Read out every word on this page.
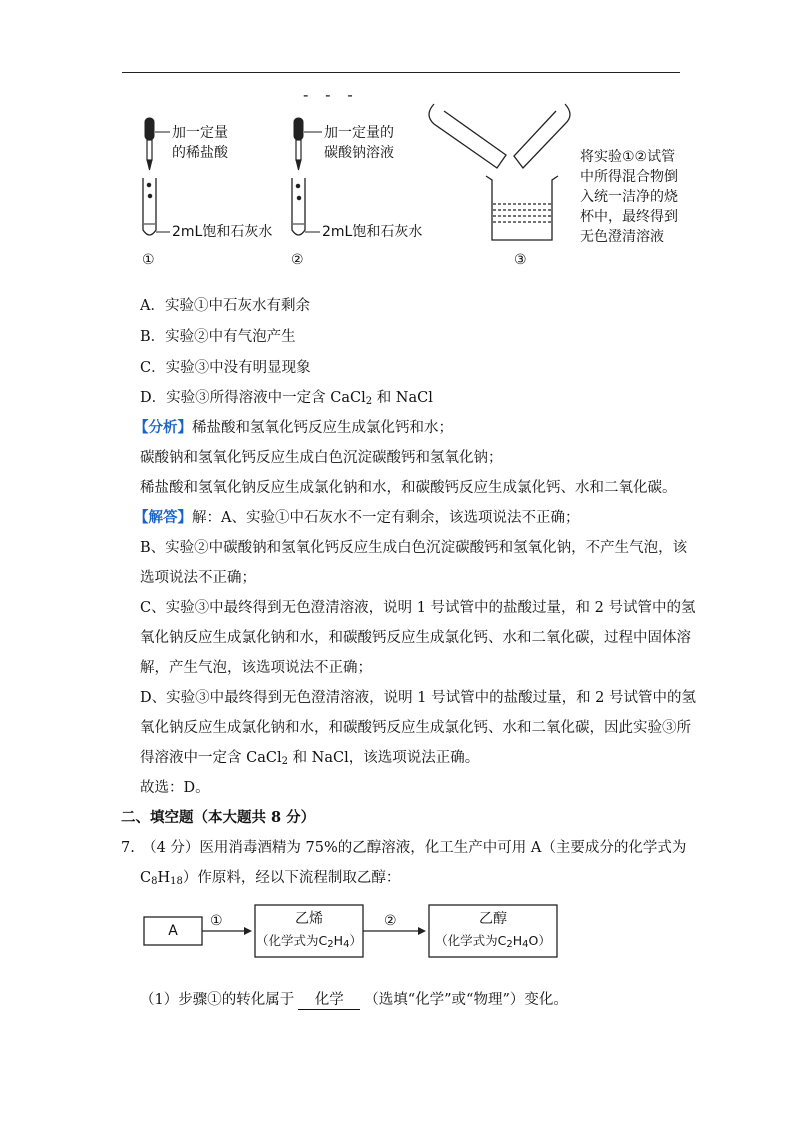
- - -
加一定量
的稀盐酸
2mL饱和石灰水
①
加一定量的
碳酸钠溶液
2mL饱和石灰水
②
将实验①②试管
中所得混合物倒
入统一洁净的烧
杯中，最终得到
无色澄清溶液
③
A．实验①中石灰水有剩余
B．实验②中有气泡产生
C．实验③中没有明显现象
D．实验③所得溶液中一定含 CaCl$_2$ 和 NaCl
【分析】稀盐酸和氢氧化钙反应生成氯化钙和水；
碳酸钠和氢氧化钙反应生成白色沉淀碳酸钙和氢氧化钠；
稀盐酸和氢氧化钠反应生成氯化钠和水，和碳酸钙反应生成氯化钙、水和二氧化碳。
【解答】解：A、实验①中石灰水不一定有剩余，该选项说法不正确；
B、实验②中碳酸钠和氢氧化钙反应生成白色沉淀碳酸钙和氢氧化钠，不产生气泡，该
选项说法不正确；
C、实验③中最终得到无色澄清溶液，说明 1 号试管中的盐酸过量，和 2 号试管中的氢
氧化钠反应生成氯化钠和水，和碳酸钙反应生成氯化钙、水和二氧化碳，过程中固体溶
解，产生气泡，该选项说法不正确；
D、实验③中最终得到无色澄清溶液，说明 1 号试管中的盐酸过量，和 2 号试管中的氢
氧化钠反应生成氯化钠和水，和碳酸钙反应生成氯化钙、水和二氧化碳，因此实验③所
得溶液中一定含 CaCl$_2$ 和 NaCl，该选项说法正确。
故选：D。
二、填空题（本大题共 8 分）
7.　（4 分）医用消毒酒精为 75%的乙醇溶液，化工生产中可用 A（主要成分的化学式为
$C_8H_{18}$）作原料，经以下流程制取乙醇：
A
①	乙烯
（化学式为$C_2H_4$）
②	乙醇
（化学式为$C_2H_4O$）
（1）步骤①的转化属于 化学 （选填“化学”或“物理”）变化。
